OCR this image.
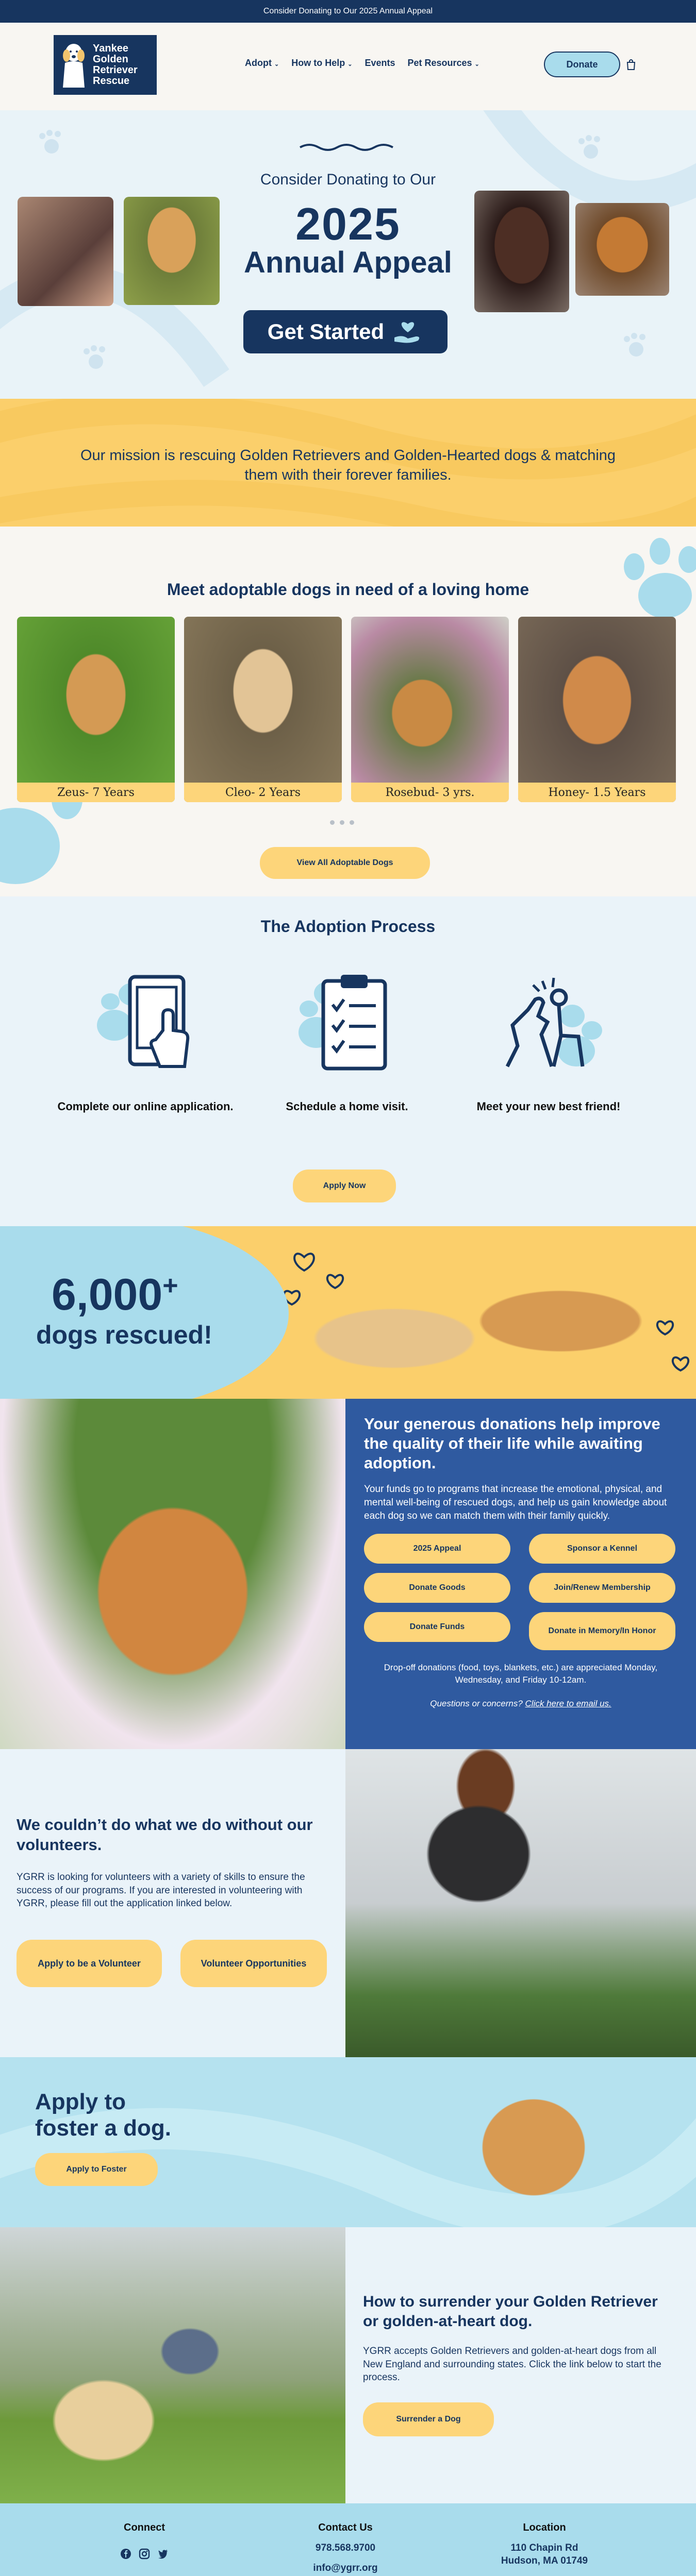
Consider Donating to Our 2025 Annual Appeal
Yankee
Golden
Retriever
Rescue
Adopt ⌄ How to Help ⌄ Events Pet Resources ⌄	Donate
Consider Donating to Our
2025
Annual Appeal
Get Started

Our mission is rescuing Golden Retrievers and Golden-Hearted dogs & matching them with their forever families.

Meet adoptable dogs in need of a loving home
Zeus- 7 Years	Cleo- 2 Years	Rosebud- 3 yrs.	Honey- 1.5 Years
View All Adoptable Dogs
The Adoption Process

Complete our online application.	Schedule a home visit.	Meet your new best friend!

Apply Now
6,000+
dogs rescued!
Your generous donations help improve the quality of their life while awaiting adoption.

Your funds go to programs that increase the emotional, physical, and mental well-being of rescued dogs, and help us gain knowledge about each dog so we can match them with their family quickly.

2025 Appeal	Sponsor a Kennel
Donate Goods	Join/Renew Membership
Donate Funds	Donate in Memory/In Honor

Drop-off donations (food, toys, blankets, etc.) are appreciated Monday, Wednesday, and Friday 10-12am.

Questions or concerns? Click here to email us.

We couldn’t do what we do without our volunteers.

YGRR is looking for volunteers with a variety of skills to ensure the success of our programs. If you are interested in volunteering with YGRR, please fill out the application linked below.

Apply to be a Volunteer	Volunteer Opportunities
Apply to
foster a dog.
Apply to Foster
How to surrender your Golden Retriever or golden-at-heart dog.

YGRR accepts Golden Retrievers and golden-at-heart dogs from all New England and surrounding states. Click the link below to start the process.

Surrender a Dog
Connect	Contact Us

978.568.9700

info@ygrr.org

Location

110 Chapin Rd
Hudson, MA 01749
